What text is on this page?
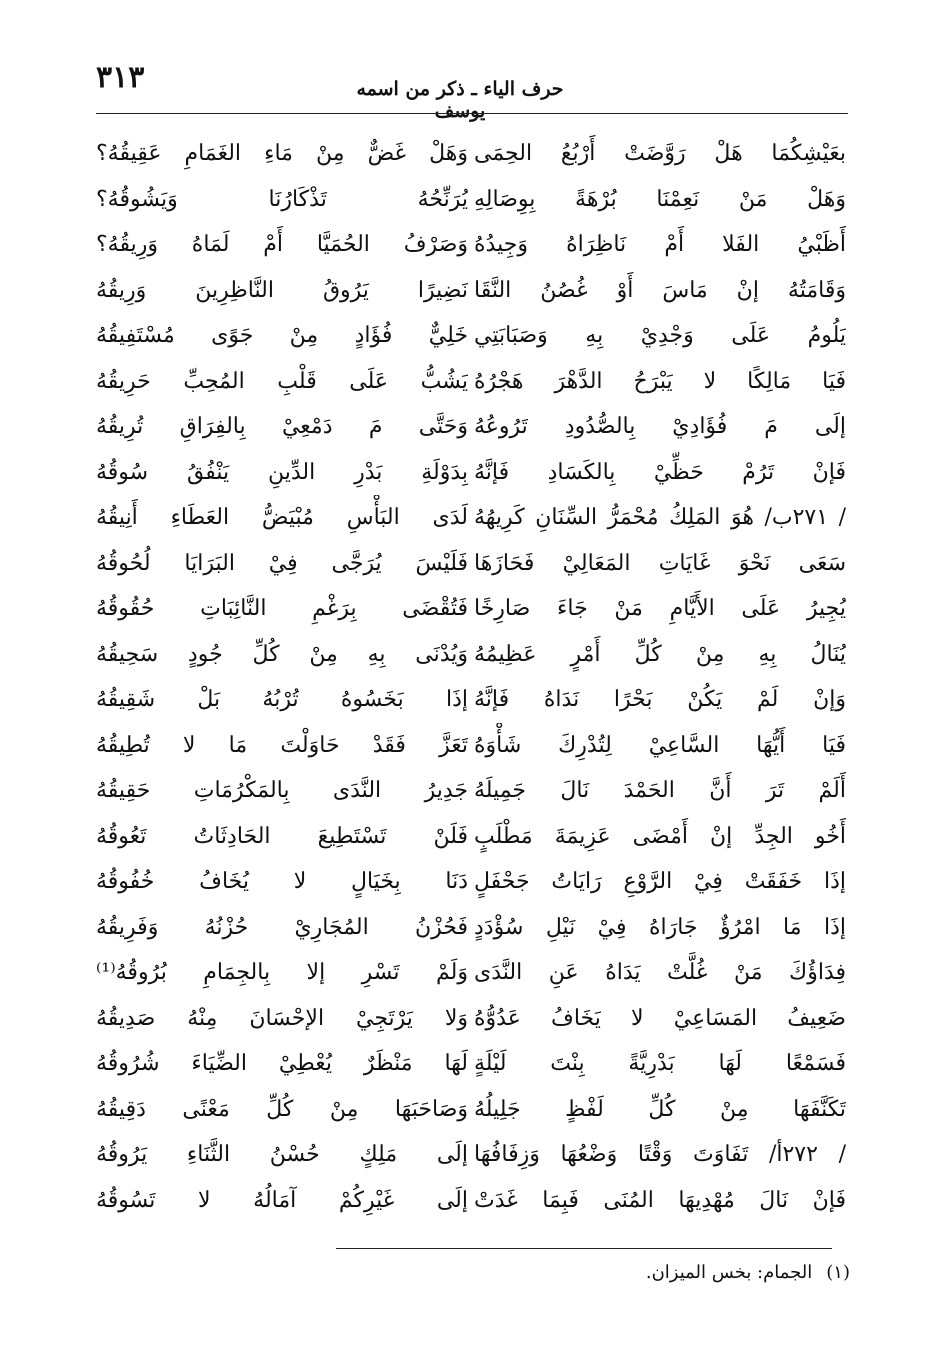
٣١٣	حرف الياء ـ ذكر من اسمه يوسف
بعَيْشِكُمَا هَلْ رَوَّضَتْ أَرْبُعُ الحِمَى
وَهَلْ مَنْ نَعِمْنَا بُرْهَةً بِوِصَالِهِ
أَظَبْيُ الفَلا أَمْ نَاظِرَاهُ وَجِيدُهُ
وَقَامَتُهُ إنْ مَاسَ أَوْ غُصُنُ النَّقَا
يَلُومُ عَلَى وَجْدِيْ بِهِ وَصَبَابَتِي
فَيَا مَالِكًا لا يَبْرَحُ الدَّهْرَ هَجْرُهُ
إلَى مَ فُؤَادِيْ بِالصُّدُودِ تَرُوعُهُ
فَإنْ تَرُمْ حَظِّيْ بِالكَسَادِ فَإنَّهُ
/ ٢٧١ب/ هُوَ المَلِكُ مُحْمَرُّ السِّنَانِ كَرِيهُهُ
سَعَى نَحْوَ غَايَاتِ المَعَالِيْ فَحَازَهَا
يُجِيرُ عَلَى الأَيَّامِ مَنْ جَاءَ صَارِخًا
يُنَالُ بِهِ مِنْ كُلِّ أَمْرٍ عَظِيمُهُ
وَإنْ لَمْ يَكُنْ بَحْرًا نَدَاهُ فَإنَّهُ
فَيَا أَيُّهَا السَّاعِيْ لِتُدْرِكَ شَأْوَهُ
أَلَمْ تَرَ أَنَّ الحَمْدَ نَالَ جَمِيلَهُ
أَخُو الجِدِّ إنْ أَمْضَى عَزِيمَةَ مَطْلَبٍ
إذَا خَفَقَتْ فِيْ الرَّوْعِ رَايَاتُ جَحْفَلٍ
إذَا مَا امْرُؤٌ جَارَاهُ فِيْ نَيْلِ سُؤْدَدٍ
فِدَاؤُكَ مَنْ غُلَّتْ يَدَاهُ عَنِ النَّدَى
ضَعِيفُ المَسَاعِيْ لا يَخَافُ عَدُوُّهُ
فَسَمْعًا لَهَا بَدْرِيَّةً بِنْتَ لَيْلَةٍ
تَكَنَّفَهَا مِنْ كُلِّ لَفْظٍ جَلِيلُهُ
/ ٢٧٢أ/ تَفَاوَتَ وَقْتًا وَضْعُهَا وَزِفَافُهَا
فَإنْ نَالَ مُهْدِيهَا المُنَى فَبِمَا غَدَتْ
وَهَلْ غَضٌّ مِنْ مَاءِ الغَمَامِ عَقِيقُهُ؟
يُرَنِّحُهُ تَذْكَارُنَا وَيَشُوقُهُ؟
وَصَرْفُ الحُمَيَّا أَمْ لَمَاهُ وَرِيقُهُ؟
نَضِيرًا يَرُوقُ النَّاظِرِينَ وَرِيقُهُ
خَلِيٌّ فُؤَادٍ مِنْ جَوًى مُسْتَفِيقُهُ
يَشُبُّ عَلَى قَلْبِ المُحِبِّ حَرِيقُهُ
وَحَتَّى مَ دَمْعِيْ بِالفِرَاقِ تُرِيقُهُ
بِدَوْلَةِ بَدْرِ الدِّينِ يَنْفُقُ سُوقُهُ
لَدَى البَأْسِ مُبْيَضُّ العَطَاءِ أَنِيقُهُ
فَلَيْسَ يُرَجَّى فِيْ البَرَايَا لُحُوقُهُ
فَتُقْضَى بِرَغْمِ النَّائِبَاتِ حُقُوقُهُ
وَيُدْنَى بِهِ مِنْ كُلِّ جُودٍ سَحِيقُهُ
إذَا بَخَسُوهُ تُرْبُهُ بَلْ شَقِيقُهُ
تَعَزَّ فَقَدْ حَاوَلْتَ مَا لا تُطِيقُهُ
جَدِيرُ النَّدَى بِالمَكْرُمَاتِ حَقِيقُهُ
فَلَنْ تَسْتَطِيعَ الحَادِثَاتُ تَعُوقُهُ
دَنَا بِخَيَالٍ لا يُخَافُ خُفُوقُهُ
فَحُزْنُ المُجَارِيْ حُزْنُهُ وَفَرِيقُهُ
وَلَمْ تَسْرِ إلا بِالجِمَامِ بُرُوقُهُ⁽¹⁾
وَلا يَرْتَجِيْ الإحْسَانَ مِنْهُ صَدِيقُهُ
لَهَا مَنْظَرٌ يُعْطِيْ الضِّيَاءَ شُرُوقُهُ
وَصَاحَبَهَا مِنْ كُلِّ مَعْنًى دَقِيقُهُ
إلَى مَلِكٍ حُسْنُ الثَّنَاءِ يَرُوقُهُ
إلَى غَيْرِكُمْ آمَالُهُ لا تَسُوقُهُ
(١)الجمام: بخس الميزان.
